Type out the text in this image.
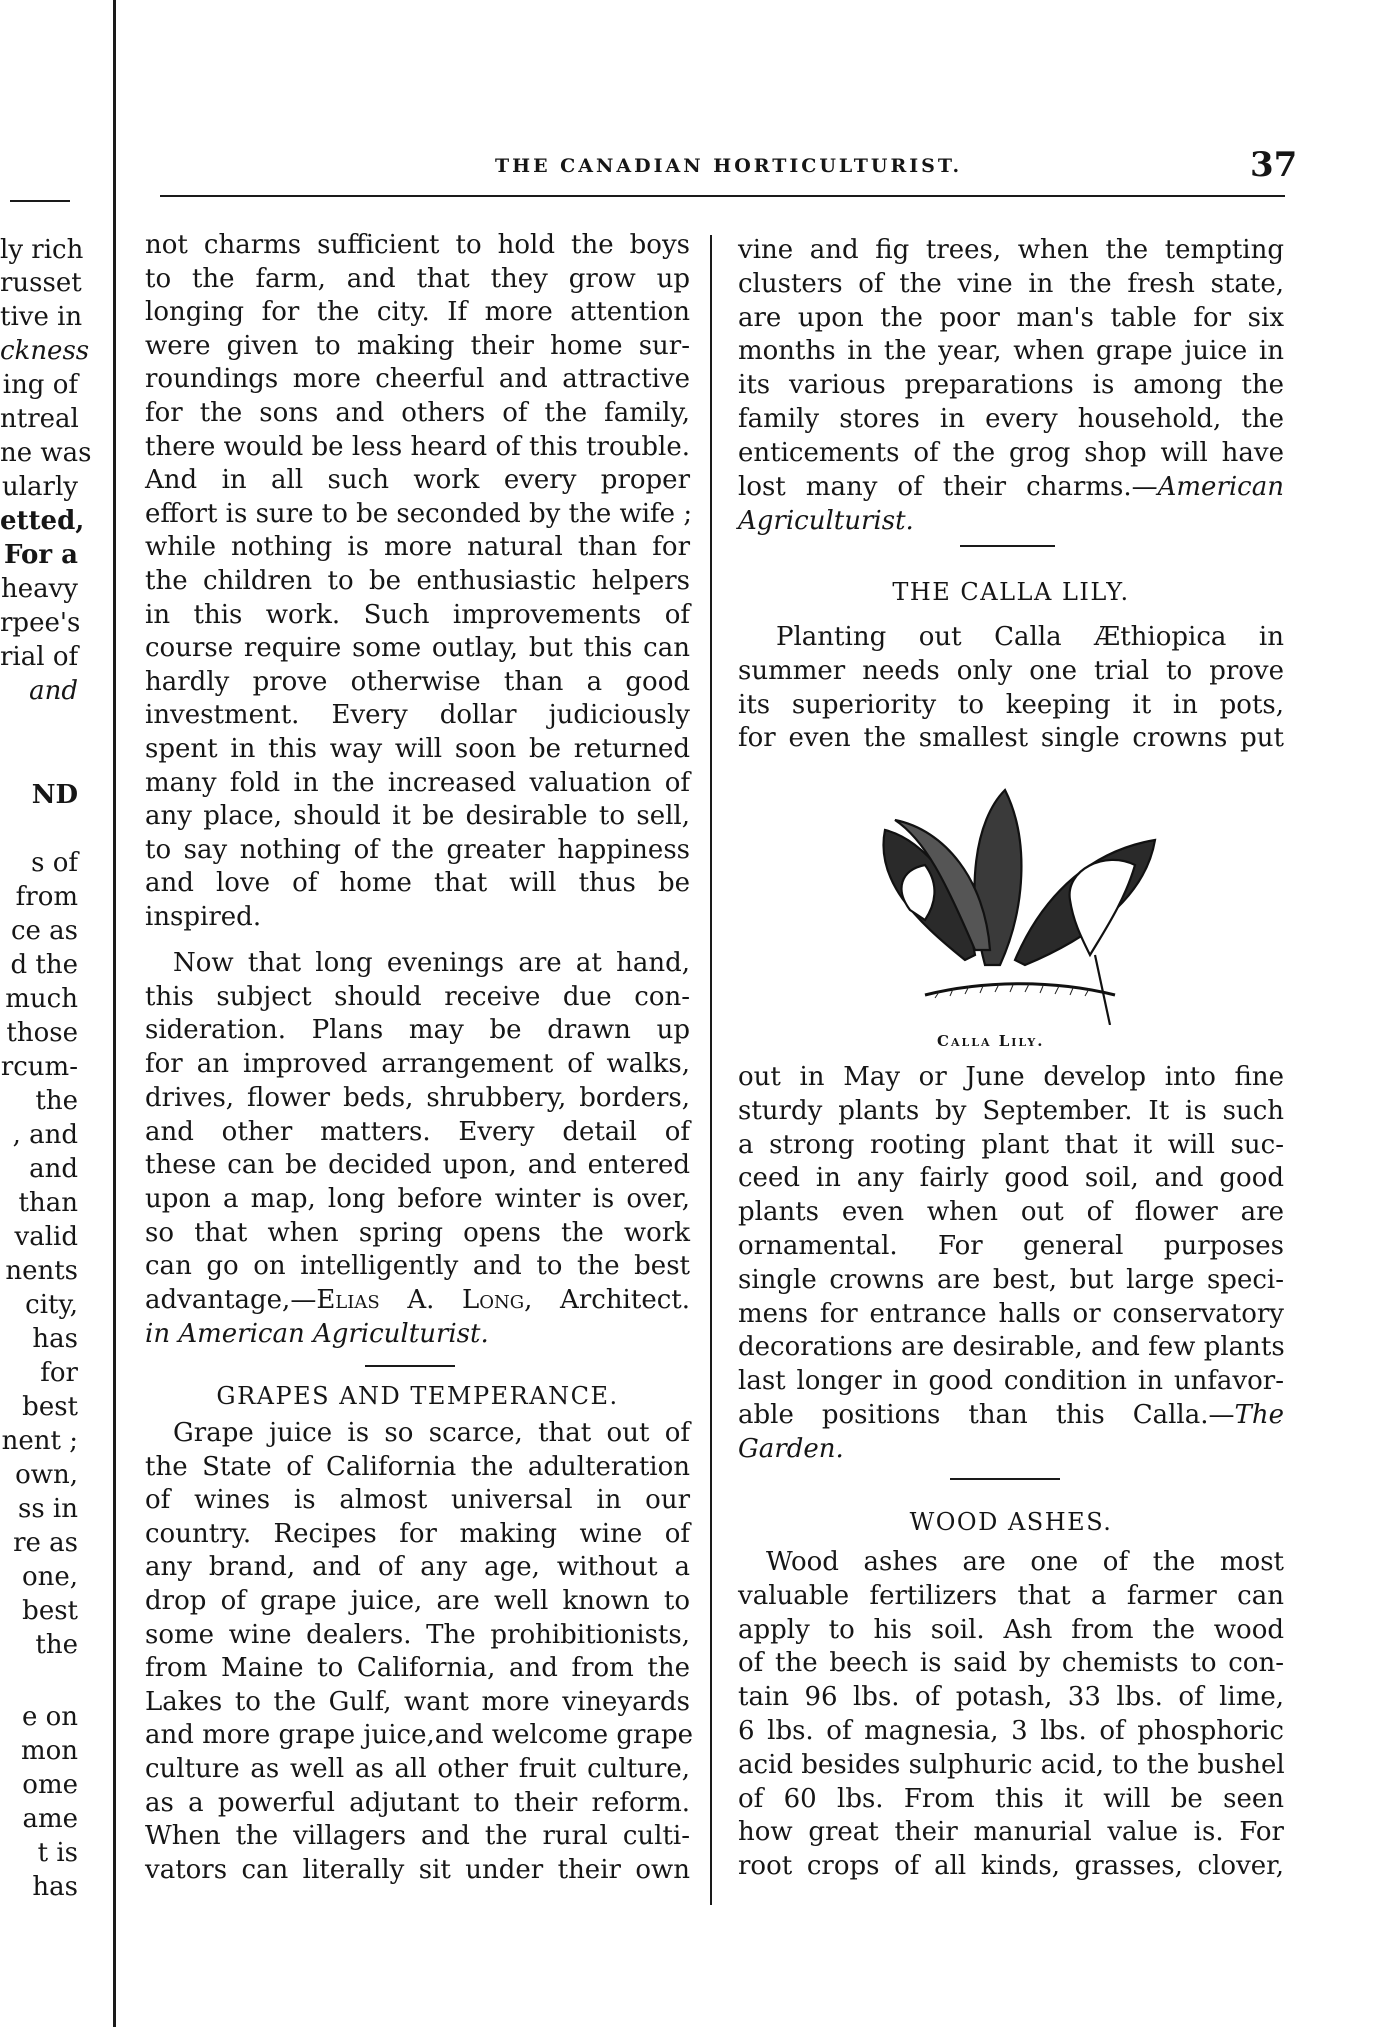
THE CANADIAN HORTICULTURIST.	37
ly rich
russet
tive in
ckness
ing of
ntreal
ne was
ularly
etted,
For a
heavy
rpee's
rial of
and
ND
s of
from
ce as
d the
much
those
rcum-
the
, and
and
than
valid
nents
city,
has
for
best
nent ;
own,
ss in
re as
one,
best
the
e on
mon
ome
ame
t is
has
not charms sufficient to hold the boys
to the farm, and that they grow up
longing for the city. If more attention
were given to making their home sur-
roundings more cheerful and attractive
for the sons and others of the family,
there would be less heard of this trouble.
And in all such work every proper
effort is sure to be seconded by the wife ;
while nothing is more natural than for
the children to be enthusiastic helpers
in this work. Such improvements of
course require some outlay, but this can
hardly prove otherwise than a good
investment. Every dollar judiciously
spent in this way will soon be returned
many fold in the increased valuation of
any place, should it be desirable to sell,
to say nothing of the greater happiness
and love of home that will thus be
inspired.
Now that long evenings are at hand,
this subject should receive due con-
sideration. Plans may be drawn up
for an improved arrangement of walks,
drives, flower beds, shrubbery, borders,
and other matters. Every detail of
these can be decided upon, and entered
upon a map, long before winter is over,
so that when spring opens the work
can go on intelligently and to the best
advantage,—Elias A. Long, Architect.
in American Agriculturist.
GRAPES AND TEMPERANCE.
Grape juice is so scarce, that out of
the State of California the adulteration
of wines is almost universal in our
country. Recipes for making wine of
any brand, and of any age, without a
drop of grape juice, are well known to
some wine dealers. The prohibitionists,
from Maine to California, and from the
Lakes to the Gulf, want more vineyards
and more grape juice,and welcome grape
culture as well as all other fruit culture,
as a powerful adjutant to their reform.
When the villagers and the rural culti-
vators can literally sit under their own
vine and fig trees, when the tempting
clusters of the vine in the fresh state,
are upon the poor man's table for six
months in the year, when grape juice in
its various preparations is among the
family stores in every household, the
enticements of the grog shop will have
lost many of their charms.—American
Agriculturist.
THE CALLA LILY.
Planting out Calla Æthiopica in
summer needs only one trial to prove
its superiority to keeping it in pots,
for even the smallest single crowns put
Calla Lily.
out in May or June develop into fine
sturdy plants by September. It is such
a strong rooting plant that it will suc-
ceed in any fairly good soil, and good
plants even when out of flower are
ornamental. For general purposes
single crowns are best, but large speci-
mens for entrance halls or conservatory
decorations are desirable, and few plants
last longer in good condition in unfavor-
able positions than this Calla.—The
Garden.
WOOD ASHES.
Wood ashes are one of the most
valuable fertilizers that a farmer can
apply to his soil. Ash from the wood
of the beech is said by chemists to con-
tain 96 lbs. of potash, 33 lbs. of lime,
6 lbs. of magnesia, 3 lbs. of phosphoric
acid besides sulphuric acid, to the bushel
of 60 lbs. From this it will be seen
how great their manurial value is. For
root crops of all kinds, grasses, clover,
